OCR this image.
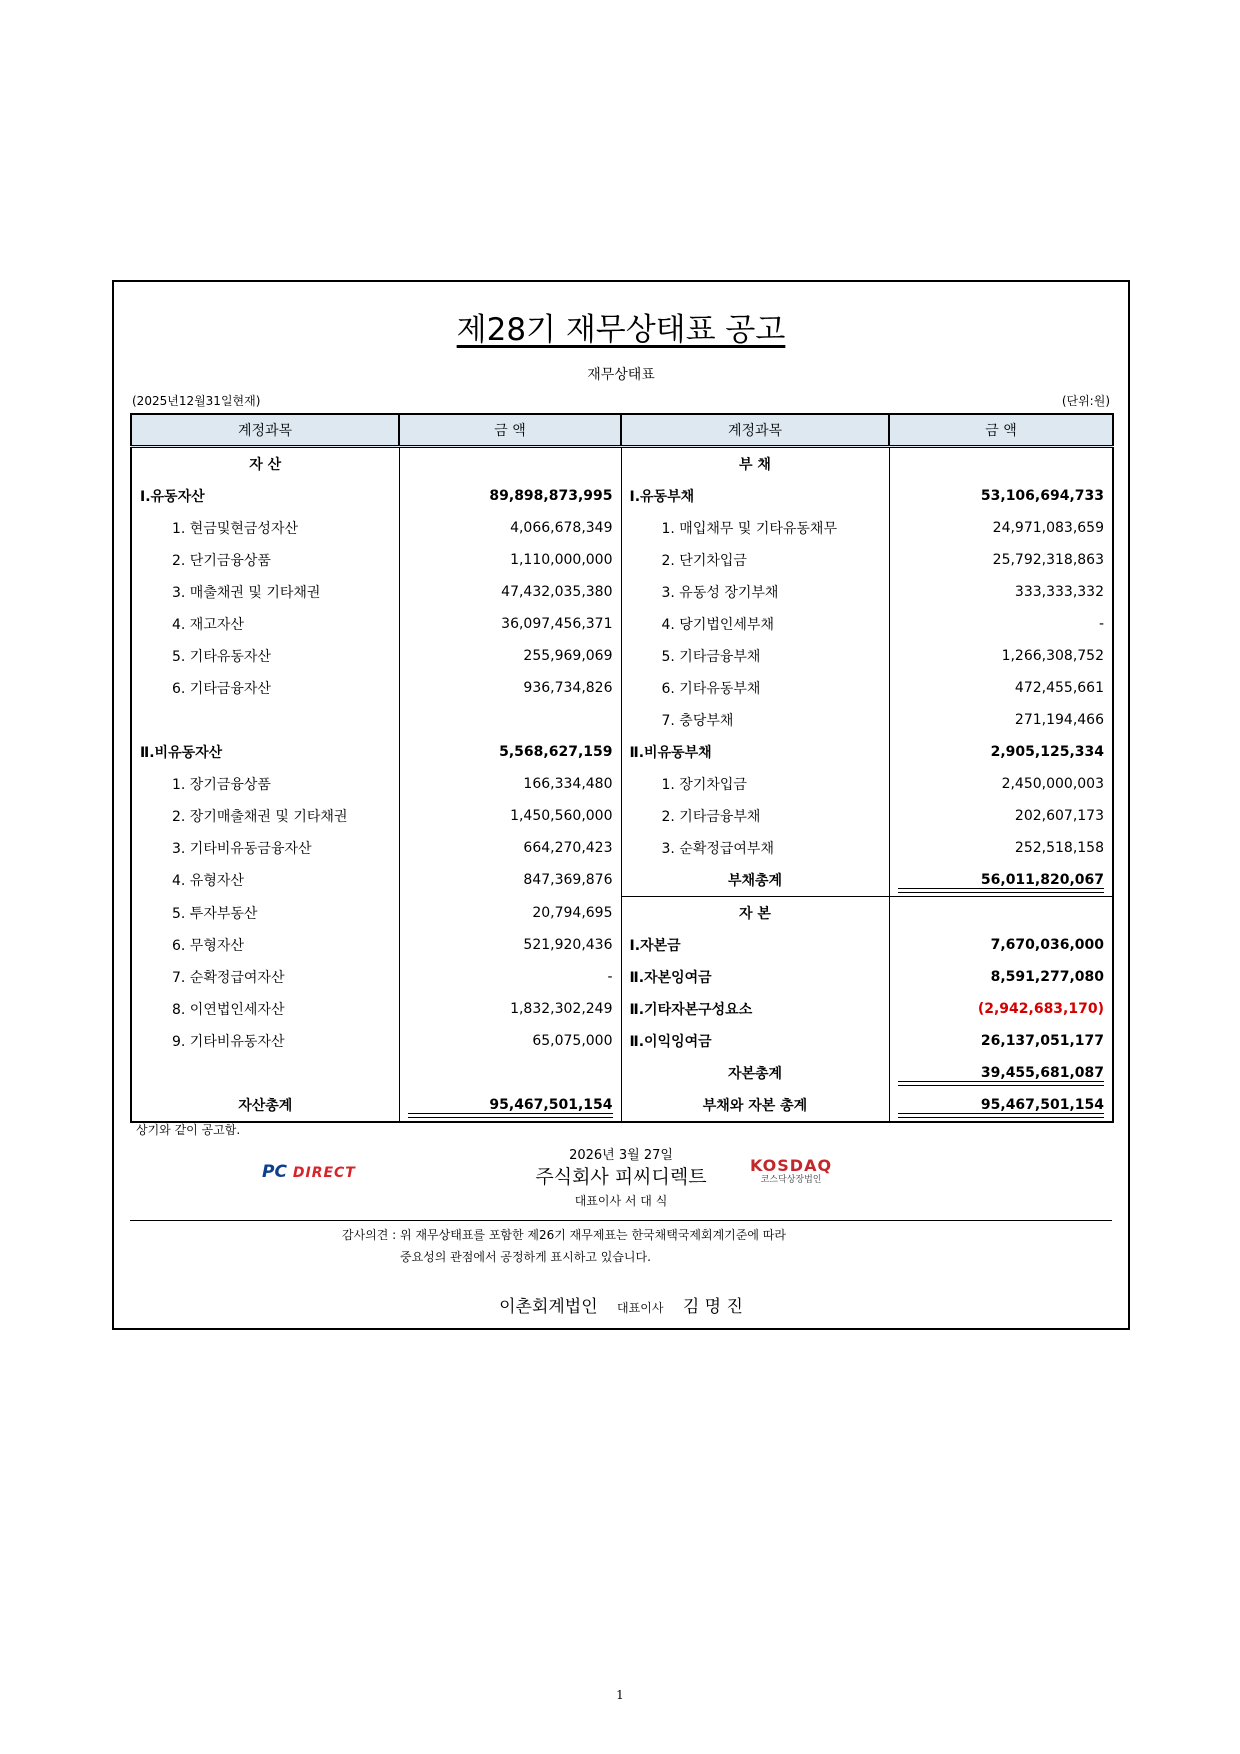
제28기 재무상태표 공고
재무상태표
(2025년12월31일현재)	(단위:원)
계정과목	금 액	계정과목	금 액
자 산		부 채	
Ⅰ.유동자산	89,898,873,995	Ⅰ.유동부채	53,106,694,733
1. 현금및현금성자산	4,066,678,349	1. 매입채무 및 기타유동채무	24,971,083,659
2. 단기금융상품	1,110,000,000	2. 단기차입금	25,792,318,863
3. 매출채권 및 기타채권	47,432,035,380	3. 유동성 장기부채	333,333,332
4. 재고자산	36,097,456,371	4. 당기법인세부채	-
5. 기타유동자산	255,969,069	5. 기타금융부채	1,266,308,752
6. 기타금융자산	936,734,826	6. 기타유동부채	472,455,661
		7. 충당부채	271,194,466
Ⅱ.비유동자산	5,568,627,159	Ⅱ.비유동부채	2,905,125,334
1. 장기금융상품	166,334,480	1. 장기차입금	2,450,000,003
2. 장기매출채권 및 기타채권	1,450,560,000	2. 기타금융부채	202,607,173
3. 기타비유동금융자산	664,270,423	3. 순확정급여부채	252,518,158
4. 유형자산	847,369,876	부채총계	56,011,820,067
5. 투자부동산	20,794,695	자 본	
6. 무형자산	521,920,436	Ⅰ.자본금	7,670,036,000
7. 순확정급여자산	-	Ⅱ.자본잉여금	8,591,277,080
8. 이연법인세자산	1,832,302,249	Ⅱ.기타자본구성요소	(2,942,683,170)
9. 기타비유동자산	65,075,000	Ⅱ.이익잉여금	26,137,051,177
		자본총계	39,455,681,087
자산총계	95,467,501,154	부채와 자본 총계	95,467,501,154
상기와 같이 공고함.
2026년 3월 27일
PC DIRECT	주식회사 피씨디렉트
KOSDAQ
코스닥상장법인
대표이사 서 대 식
감사의견 : 위 재무상태표를 포함한 제26기 재무제표는 한국채택국제회계기준에 따라
중요성의 관점에서 공정하게 표시하고 있습니다.
이촌회계법인 대표이사 김 명 진
1
